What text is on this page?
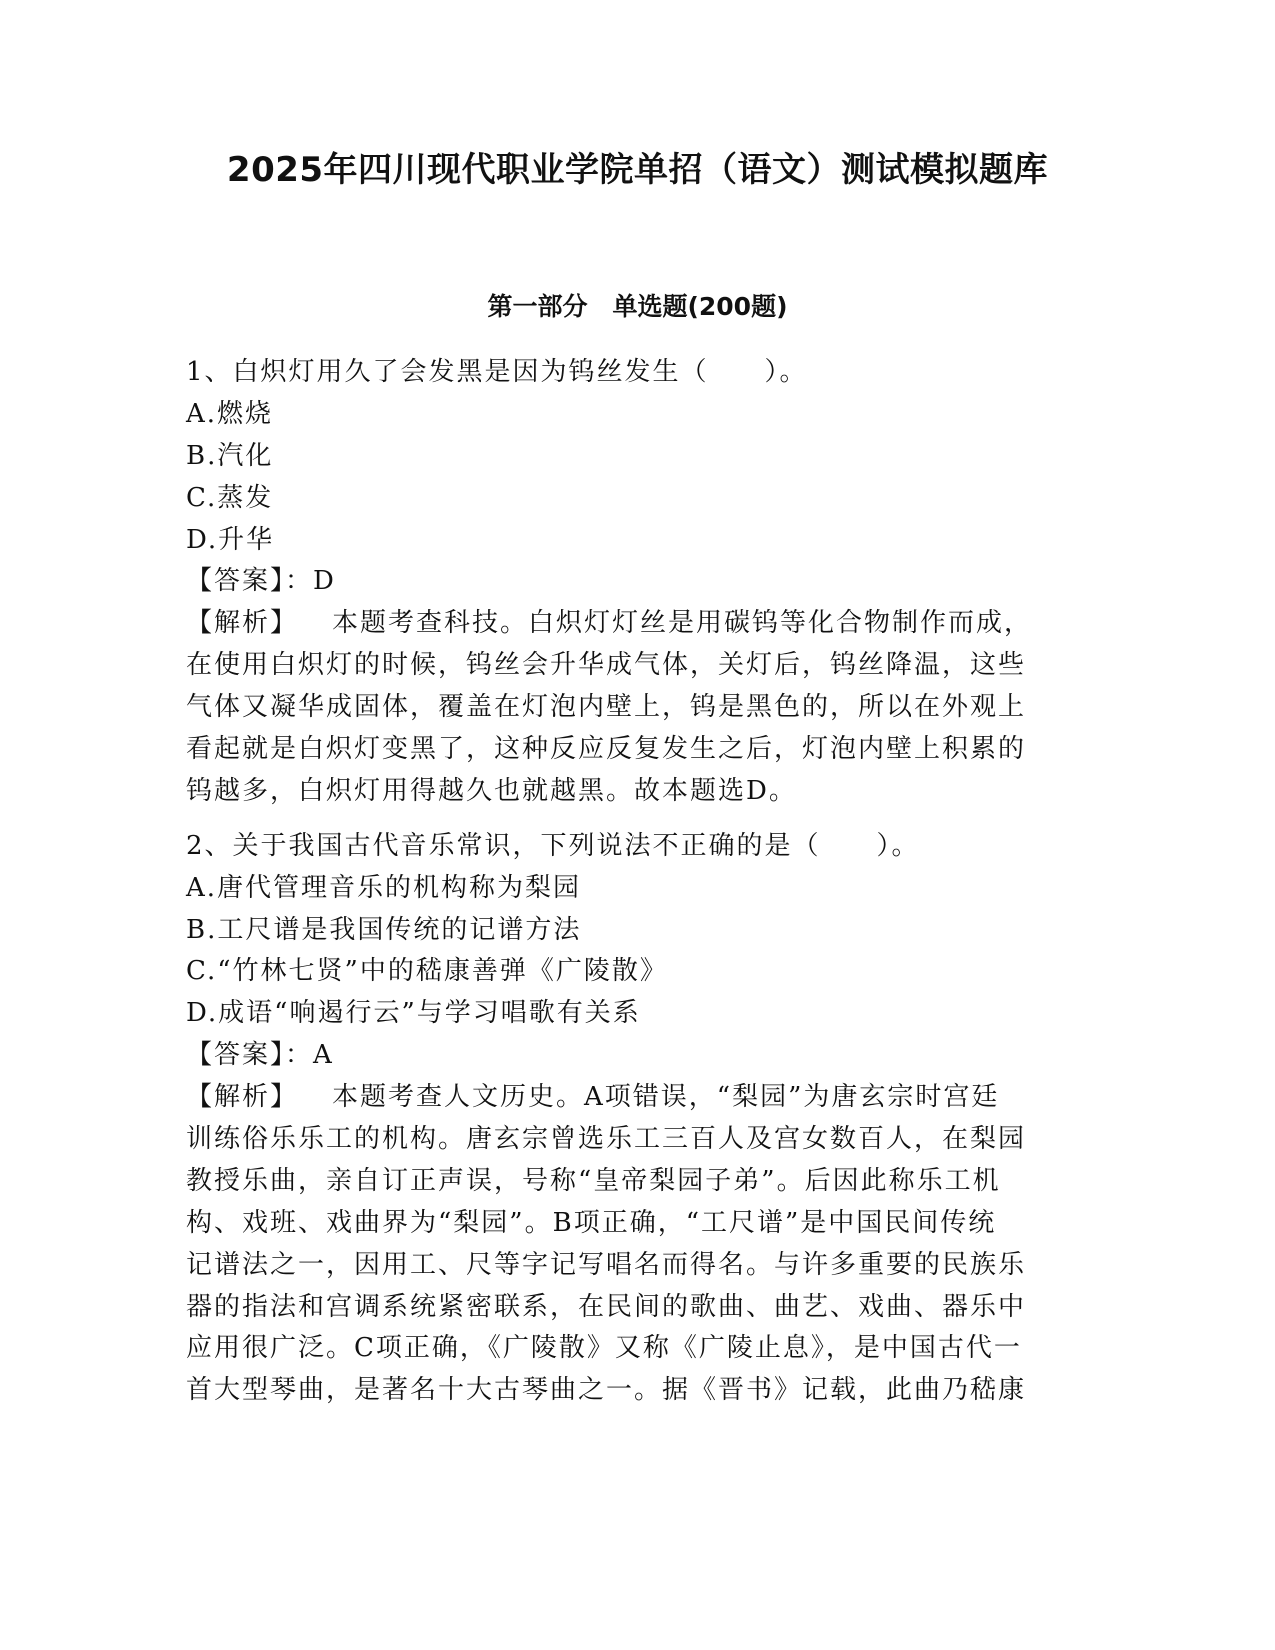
2025年四川现代职业学院单招（语文）测试模拟题库
第一部分　单选题(200题)
1、白炽灯用久了会发黑是因为钨丝发生（　　）。
A.燃烧
B.汽化
C.蒸发
D.升华
【答案】：D
【解析】 本题考查科技。白炽灯灯丝是用碳钨等化合物制作而成，
在使用白炽灯的时候，钨丝会升华成气体，关灯后，钨丝降温，这些
气体又凝华成固体，覆盖在灯泡内壁上，钨是黑色的，所以在外观上
看起就是白炽灯变黑了，这种反应反复发生之后，灯泡内壁上积累的
钨越多，白炽灯用得越久也就越黑。故本题选D。
2、关于我国古代音乐常识，下列说法不正确的是（　　）。
A.唐代管理音乐的机构称为梨园
B.工尺谱是我国传统的记谱方法
C.“竹林七贤”中的嵇康善弹《广陵散》
D.成语“响遏行云”与学习唱歌有关系
【答案】：A
【解析】 本题考查人文历史。A项错误，“梨园”为唐玄宗时宫廷
训练俗乐乐工的机构。唐玄宗曾选乐工三百人及宫女数百人，在梨园
教授乐曲，亲自订正声误，号称“皇帝梨园子弟”。后因此称乐工机
构、戏班、戏曲界为“梨园”。B项正确，“工尺谱”是中国民间传统
记谱法之一，因用工、尺等字记写唱名而得名。与许多重要的民族乐
器的指法和宫调系统紧密联系，在民间的歌曲、曲艺、戏曲、器乐中
应用很广泛。C项正确，《广陵散》又称《广陵止息》，是中国古代一
首大型琴曲，是著名十大古琴曲之一。据《晋书》记载，此曲乃嵇康
